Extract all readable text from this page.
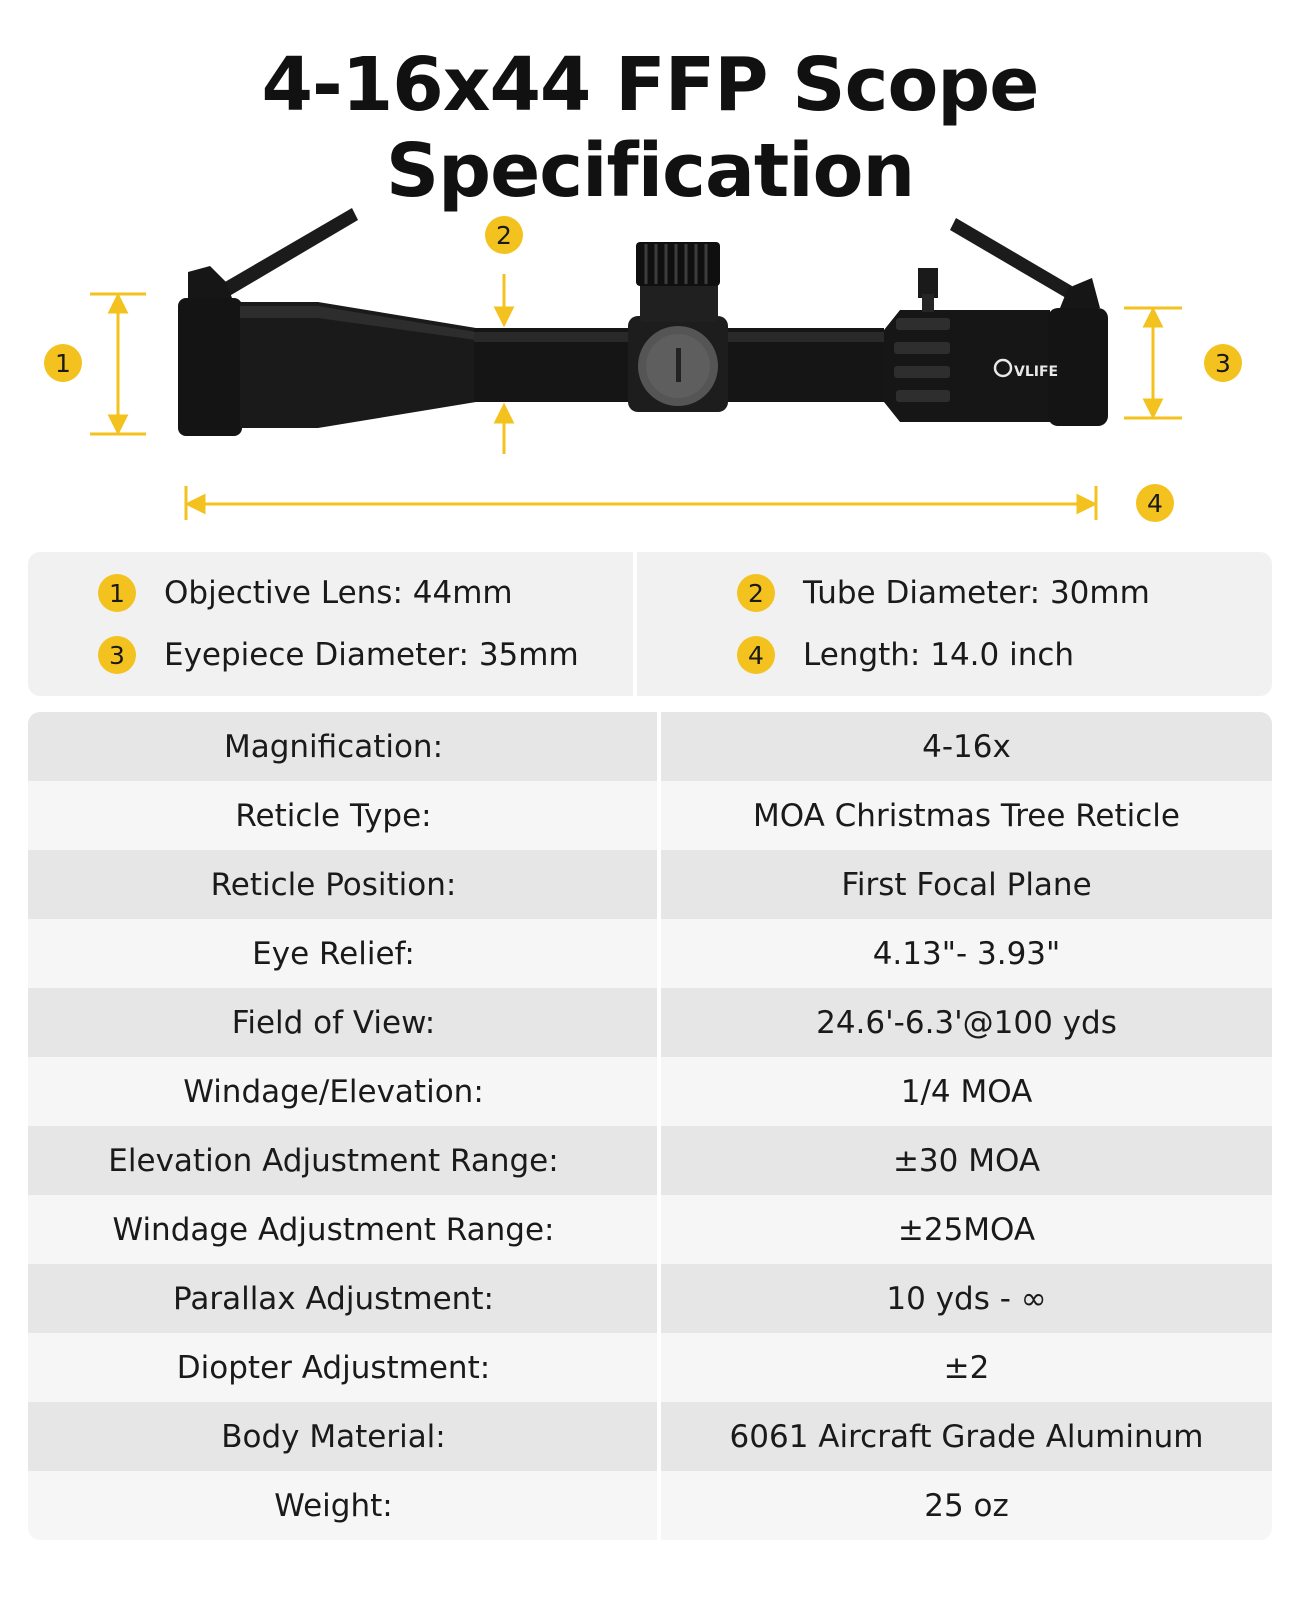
4-16x44 FFP Scope Specification
VLIFE
1
2
3
4
1	Objective Lens: 44mm
3	Eyepiece Diameter: 35mm
2	Tube Diameter: 30mm
4	Length: 14.0 inch
Magnification:	4-16x
Reticle Type:	MOA Christmas Tree Reticle
Reticle Position:	First Focal Plane
Eye Relief:	4.13"- 3.93"
Field of View:	24.6'-6.3'@100 yds
Windage/Elevation:	1/4 MOA
Elevation Adjustment Range:	±30 MOA
Windage Adjustment Range:	±25MOA
Parallax Adjustment:	10 yds - ∞
Diopter Adjustment:	±2
Body Material:	6061 Aircraft Grade Aluminum
Weight:	25 oz
